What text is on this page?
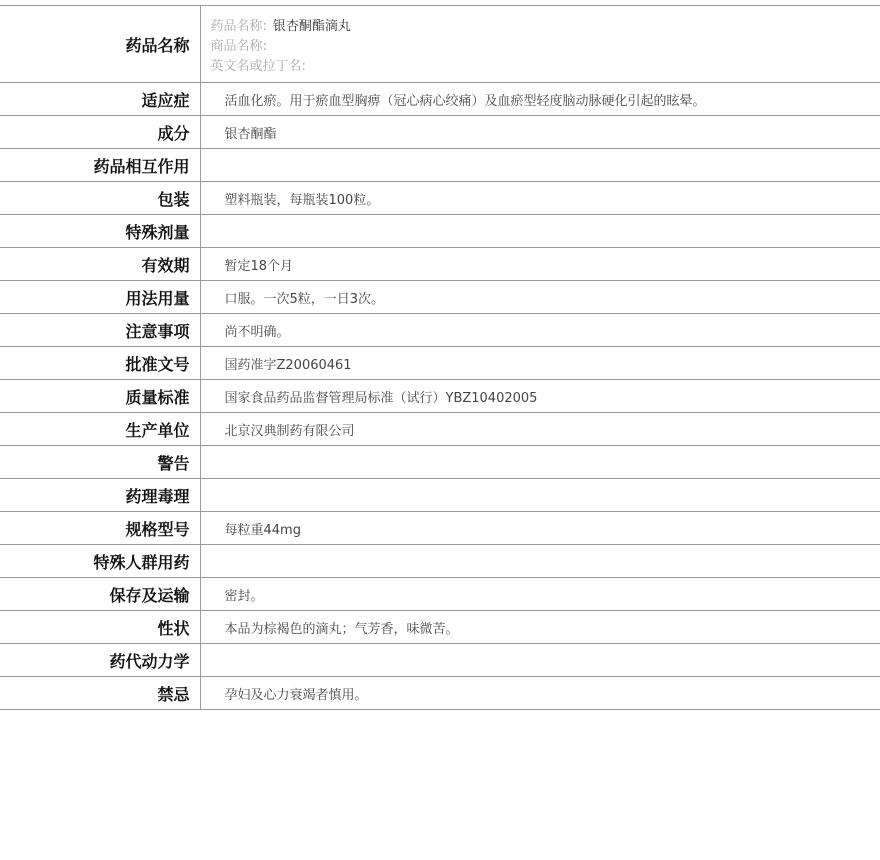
药品名称	药品名称: 银杏酮酯滴丸
商品名称:
英文名或拉丁名:

适应症	活血化瘀。用于瘀血型胸痹（冠心病心绞痛）及血瘀型轻度脑动脉硬化引起的眩晕。
成分	银杏酮酯
药品相互作用	
包装	塑料瓶装，每瓶装100粒。
特殊剂量	
有效期	暂定18个月
用法用量	口服。一次5粒，一日3次。
注意事项	尚不明确。
批准文号	国药准字Z20060461
质量标准	国家食品药品监督管理局标准（试行）YBZ10402005
生产单位	北京汉典制药有限公司
警告	
药理毒理	
规格型号	每粒重44mg
特殊人群用药	
保存及运输	密封。
性状	本品为棕褐色的滴丸；气芳香，味微苦。
药代动力学	
禁忌	孕妇及心力衰竭者慎用。
